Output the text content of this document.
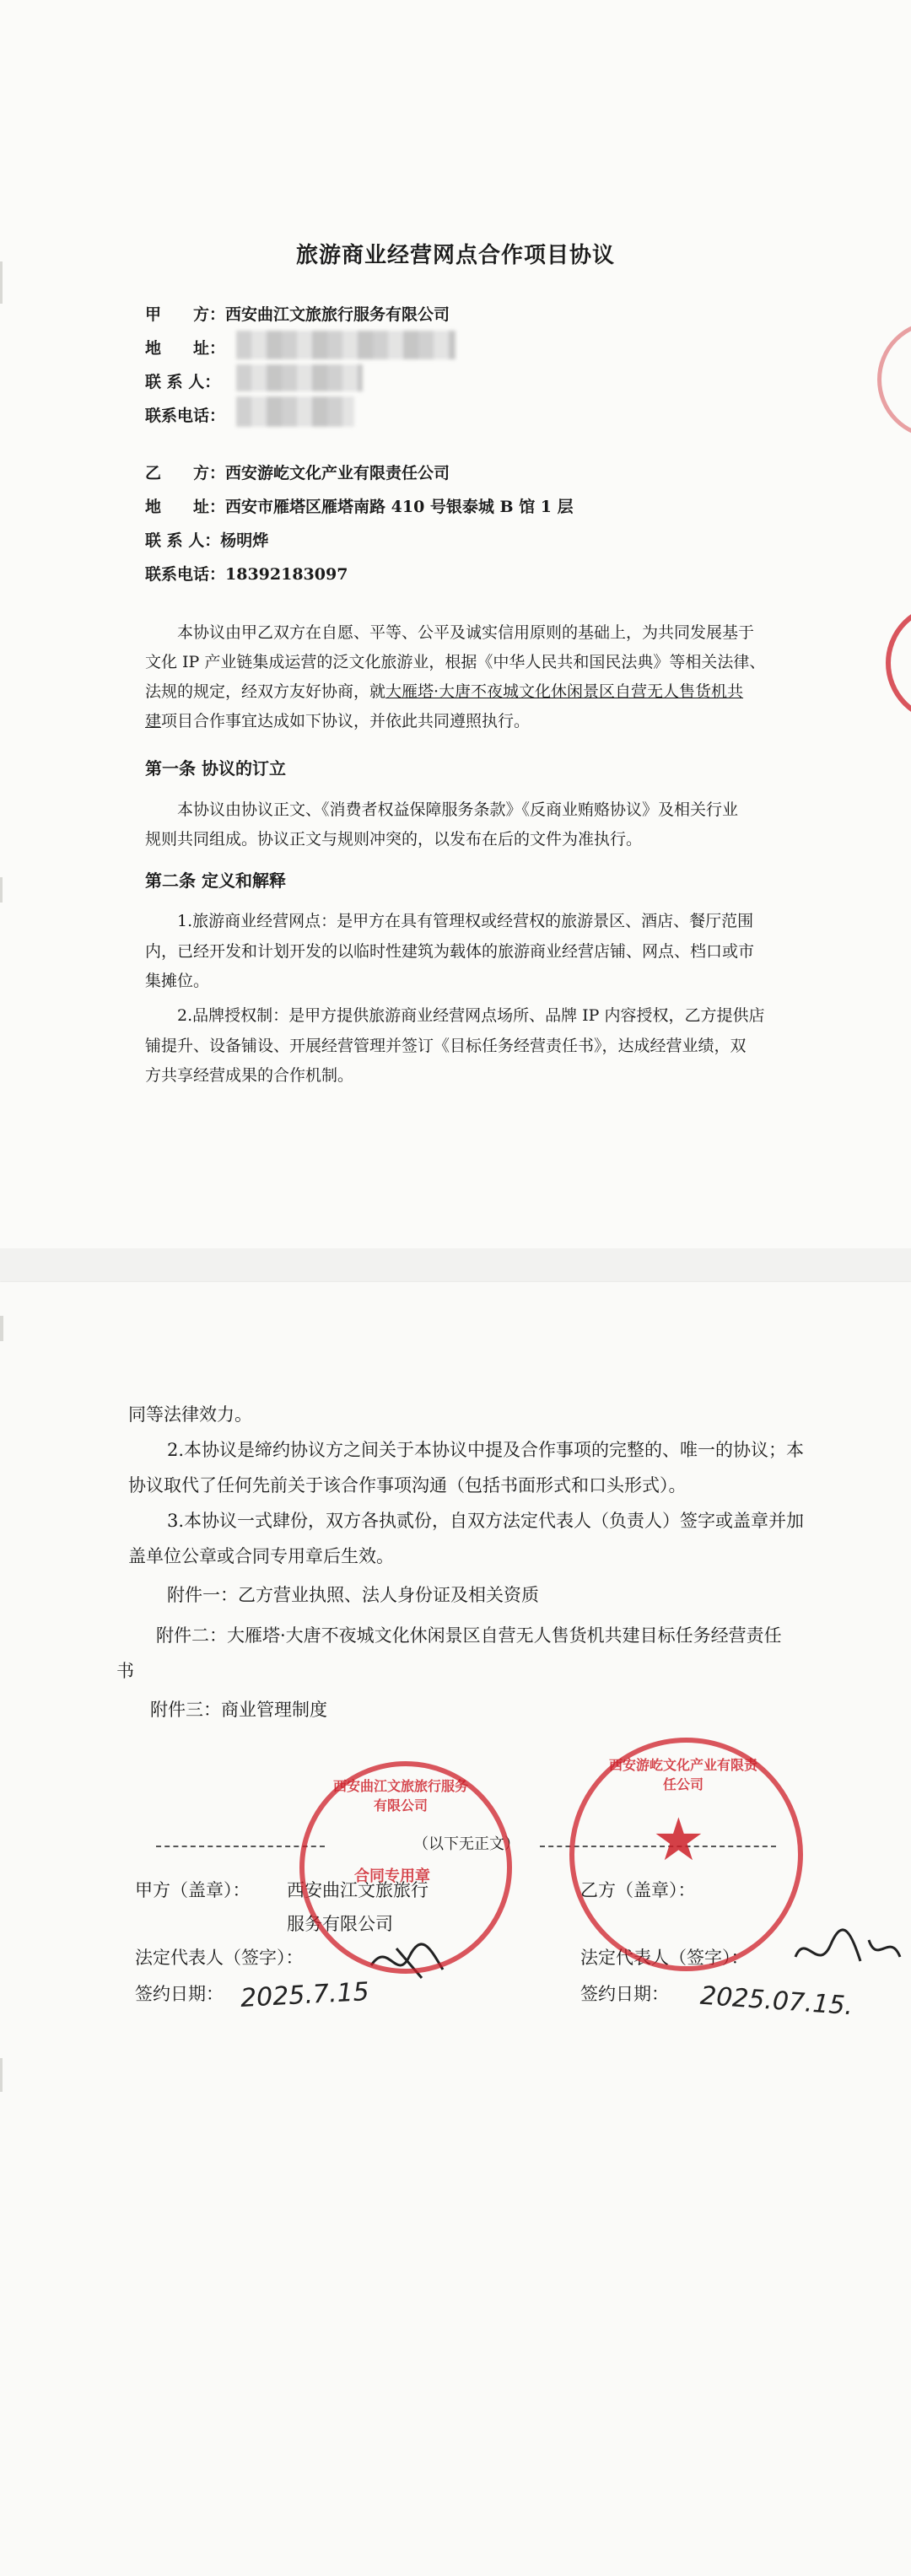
旅游商业经营网点合作项目协议
甲　　方：西安曲江文旅旅行服务有限公司
地　　址：
联 系 人：
联系电话：
乙　　方：西安游屹文化产业有限责任公司
地　　址：西安市雁塔区雁塔南路 410 号银泰城 B 馆 1 层
联 系 人：杨明烨
联系电话：18392183097
本协议由甲乙双方在自愿、平等、公平及诚实信用原则的基础上，为共同发展基于
文化 IP 产业链集成运营的泛文化旅游业，根据《中华人民共和国民法典》等相关法律、
法规的规定，经双方友好协商，就大雁塔·大唐不夜城文化休闲景区自营无人售货机共
建项目合作事宜达成如下协议，并依此共同遵照执行。
第一条 协议的订立
本协议由协议正文、《消费者权益保障服务条款》《反商业贿赂协议》及相关行业
规则共同组成。协议正文与规则冲突的，以发布在后的文件为准执行。
第二条 定义和解释
1.旅游商业经营网点：是甲方在具有管理权或经营权的旅游景区、酒店、餐厅范围
内，已经开发和计划开发的以临时性建筑为载体的旅游商业经营店铺、网点、档口或市
集摊位。
2.品牌授权制：是甲方提供旅游商业经营网点场所、品牌 IP 内容授权，乙方提供店
铺提升、设备铺设、开展经营管理并签订《目标任务经营责任书》，达成经营业绩，双
方共享经营成果的合作机制。
同等法律效力。
2.本协议是缔约协议方之间关于本协议中提及合作事项的完整的、唯一的协议；本
协议取代了任何先前关于该合作事项沟通（包括书面形式和口头形式）。
3.本协议一式肆份，双方各执贰份，自双方法定代表人（负责人）签字或盖章并加
盖单位公章或合同专用章后生效。
附件一：乙方营业执照、法人身份证及相关资质
附件二：大雁塔·大唐不夜城文化休闲景区自营无人售货机共建目标任务经营责任
书
附件三：商业管理制度
（以下无正文）
甲方（盖章）： 西安曲江文旅旅行
服务有限公司
法定代表人（签字）：
签约日期： 2025.7.15
西安曲江文旅旅行服务有限公司
合同专用章
乙方（盖章）：
法定代表人（签字）：
签约日期： 2025.07.15.
西安游屹文化产业有限责任公司
★
